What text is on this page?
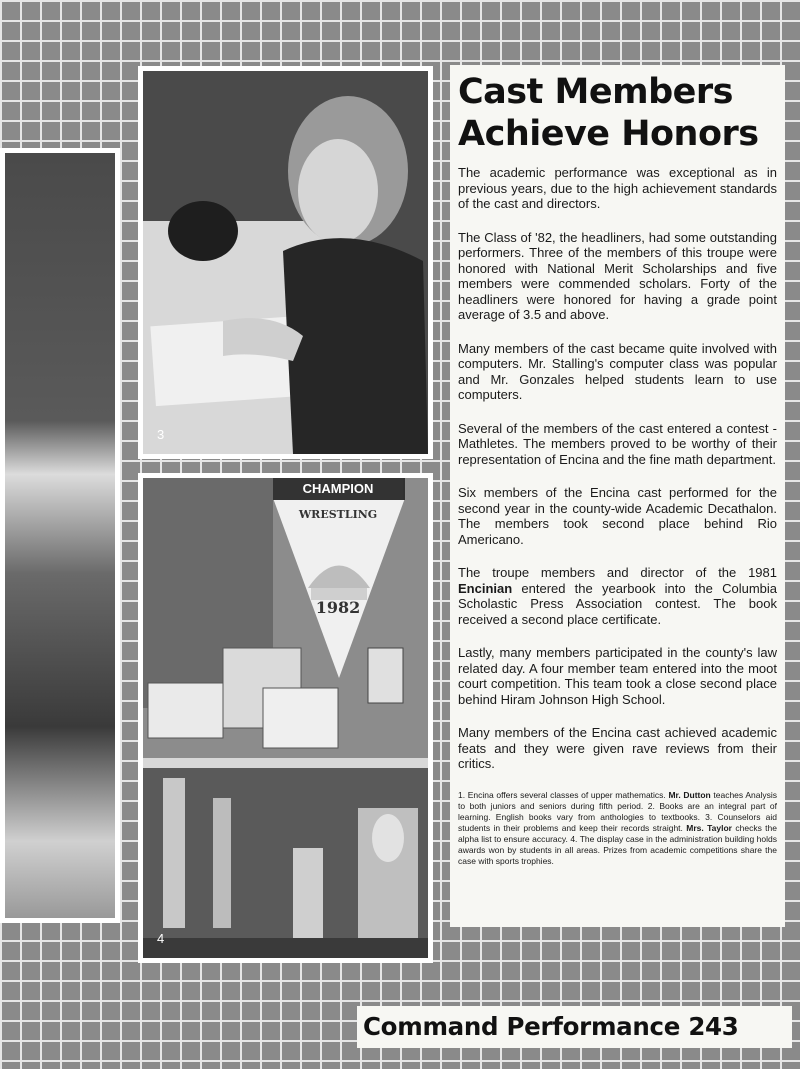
3
CHAMPION
WRESTLING
1982
4
Cast Members Achieve Honors

The academic performance was exceptional as in previous years, due to the high achievement standards of the cast and directors.

The Class of '82, the headliners, had some outstanding performers. Three of the members of this troupe were honored with National Merit Scholarships and five members were commended scholars. Forty of the headliners were honored for having a grade point average of 3.5 and above.

Many members of the cast became quite involved with computers. Mr. Stalling's computer class was popular and Mr. Gonzales helped students learn to use computers.

Several of the members of the cast entered a contest - Mathletes. The members proved to be worthy of their representation of Encina and the fine math department.

Six members of the Encina cast performed for the second year in the county-wide Academic Decathalon. The members took second place behind Rio Americano.

The troupe members and director of the 1981 Encinian entered the yearbook into the Columbia Scholastic Press Association contest. The book received a second place certificate.

Lastly, many members participated in the county's law related day. A four member team entered into the moot court competition. This team took a close second place behind Hiram Johnson High School.

Many members of the Encina cast achieved academic feats and they were given rave reviews from their critics.

1. Encina offers several classes of upper mathematics. Mr. Dutton teaches Analysis to both juniors and seniors during fifth period. 2. Books are an integral part of learning. English books vary from anthologies to textbooks. 3. Counselors aid students in their problems and keep their records straight. Mrs. Taylor checks the alpha list to ensure accuracy. 4. The display case in the administration building holds awards won by students in all areas. Prizes from academic competitions share the case with sports trophies.

Command Performance 243
